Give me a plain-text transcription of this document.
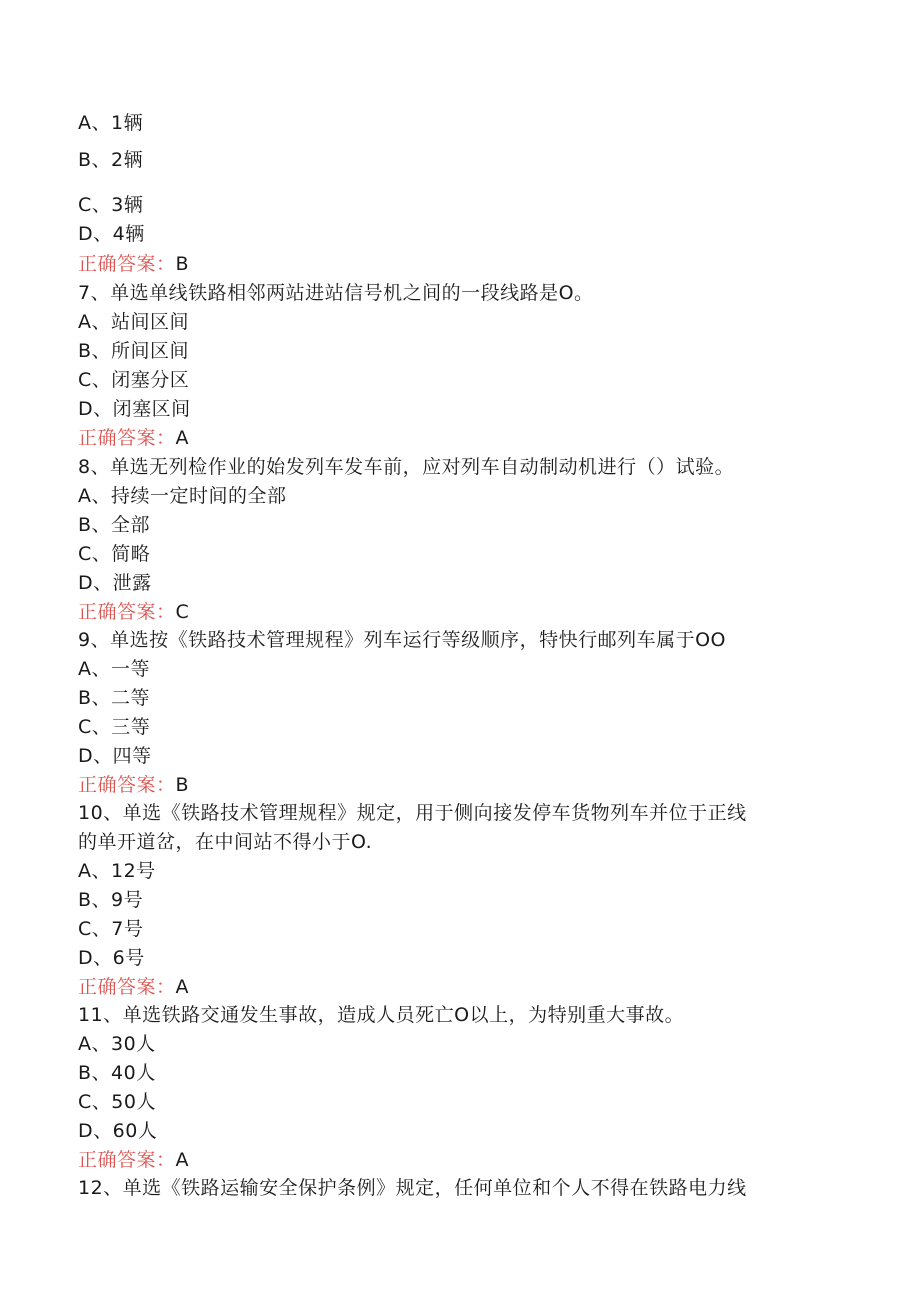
A、1辆
B、2辆
C、3辆
D、4辆
正确答案：B
7、单选单线铁路相邻两站进站信号机之间的一段线路是O。
A、站间区间
B、所间区间
C、闭塞分区
D、闭塞区间
正确答案：A
8、单选无列检作业的始发列车发车前，应对列车自动制动机进行（）试验。
A、持续一定时间的全部
B、全部
C、简略
D、泄露
正确答案：C
9、单选按《铁路技术管理规程》列车运行等级顺序，特快行邮列车属于OO
A、一等
B、二等
C、三等
D、四等
正确答案：B
10、单选《铁路技术管理规程》规定，用于侧向接发停车货物列车并位于正线
的单开道岔，在中间站不得小于O.
A、12号
B、9号
C、7号
D、6号
正确答案：A
11、单选铁路交通发生事故，造成人员死亡O以上，为特别重大事故。
A、30人
B、40人
C、50人
D、60人
正确答案：A
12、单选《铁路运输安全保护条例》规定，任何单位和个人不得在铁路电力线
